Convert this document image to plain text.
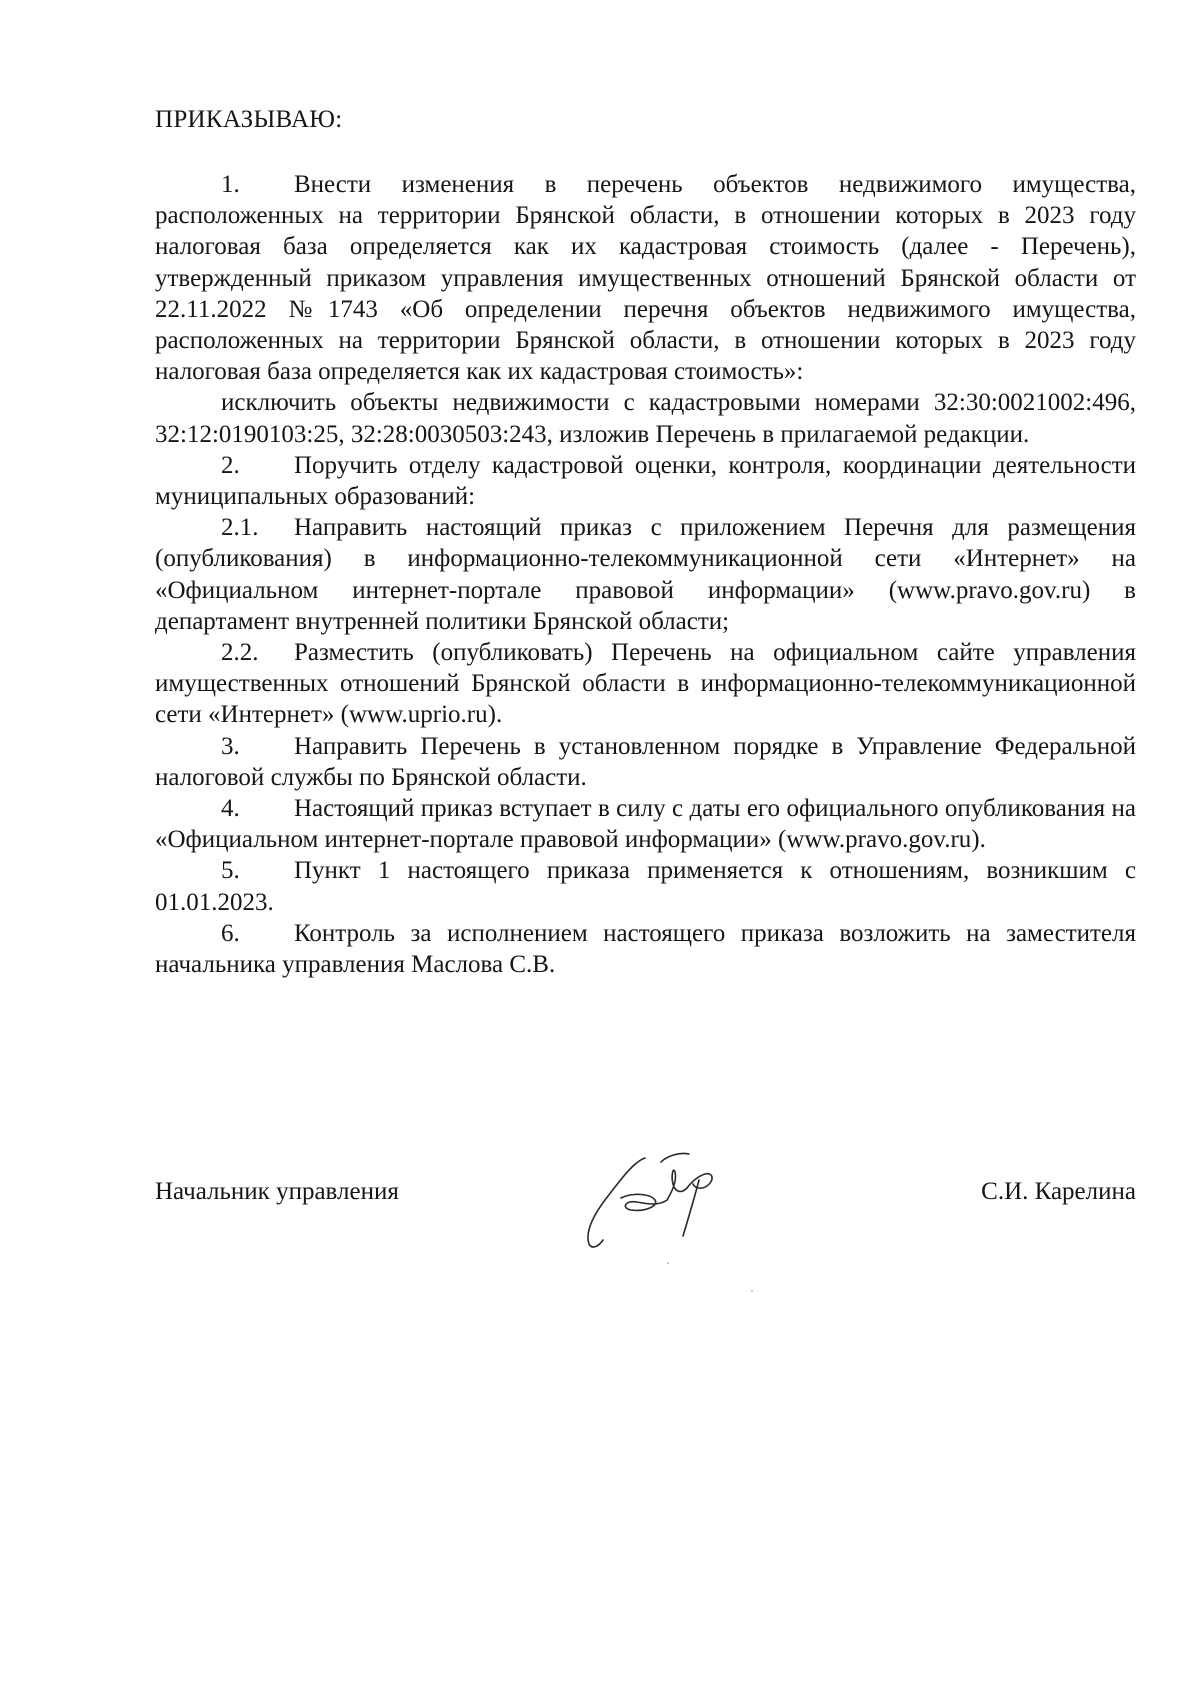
ПРИКАЗЫВАЮ:

1. Внести изменения в перечень объектов недвижимого имущества, расположенных на территории Брянской области, в отношении которых в 2023 году налоговая база определяется как их кадастровая стоимость (далее - Перечень), утвержденный приказом управления имущественных отношений Брянской области от 22.11.2022 №1743 «Об определении перечня объектов недвижимого имущества, расположенных на территории Брянской области, в отношении которых в 2023 году налоговая база определяется как их кадастровая стоимость»:

исключить объекты недвижимости с кадастровыми номерами 32:30:0021002:496, 32:12:0190103:25, 32:28:0030503:243, изложив Перечень в прилагаемой редакции.

2. Поручить отделу кадастровой оценки, контроля, координации деятельности муниципальных образований:

2.1. Направить настоящий приказ с приложением Перечня для размещения (опубликования) в информационно-телекоммуникационной сети «Интернет» на «Официальном интернет-портале правовой информации» (www.pravo.gov.ru) в департамент внутренней политики Брянской области;

2.2. Разместить (опубликовать) Перечень на официальном сайте управления имущественных отношений Брянской области в информационно-телекоммуникационной сети «Интернет» (www.uprio.ru).

3. Направить Перечень в установленном порядке в Управление Федеральной налоговой службы по Брянской области.

4. Настоящий приказ вступает в силу с даты его официального опубликования на «Официальном интернет-портале правовой информации» (www.pravo.gov.ru).

5. Пункт 1 настоящего приказа применяется к отношениям, возникшим с 01.01.2023.

6. Контроль за исполнением настоящего приказа возложить на заместителя начальника управления Маслова С.В.

Начальник управления	С.И. Карелина
